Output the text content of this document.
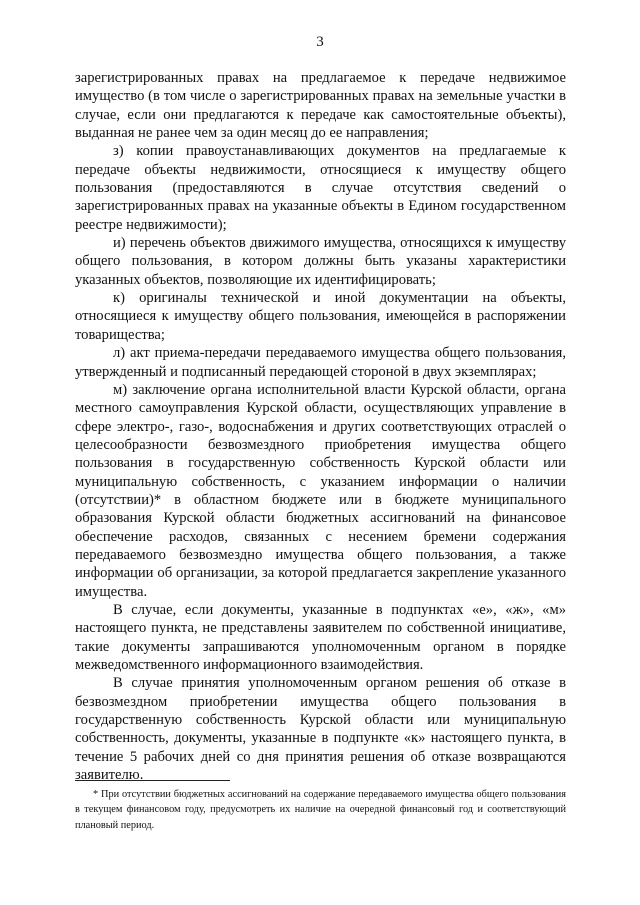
3

зарегистрированных правах на предлагаемое к передаче недвижимое имущество (в том числе о зарегистрированных правах на земельные участки в случае, если они предлагаются к передаче как самостоятельные объекты), выданная не ранее чем за один месяц до ее направления;

з) копии правоустанавливающих документов на предлагаемые к передаче объекты недвижимости, относящиеся к имуществу общего пользования (предоставляются в случае отсутствия сведений о зарегистрированных правах на указанные объекты в Едином государственном реестре недвижимости);

и) перечень объектов движимого имущества, относящихся к имуществу общего пользования, в котором должны быть указаны характеристики указанных объектов, позволяющие их идентифицировать;

к) оригиналы технической и иной документации на объекты, относящиеся к имуществу общего пользования, имеющейся в распоряжении товарищества;

л) акт приема-передачи передаваемого имущества общего пользования, утвержденный и подписанный передающей стороной в двух экземплярах;

м) заключение органа исполнительной власти Курской области, органа местного самоуправления Курской области, осуществляющих управление в сфере электро-, газо-, водоснабжения и других соответствующих отраслей о целесообразности безвозмездного приобретения имущества общего пользования в государственную собственность Курской области или муниципальную собственность, с указанием информации о наличии (отсутствии)* в областном бюджете или в бюджете муниципального образования Курской области бюджетных ассигнований на финансовое обеспечение расходов, связанных с несением бремени содержания передаваемого безвозмездно имущества общего пользования, а также информации об организации, за которой предлагается закрепление указанного имущества.

В случае, если документы, указанные в подпунктах «е», «ж», «м» настоящего пункта, не представлены заявителем по собственной инициативе, такие документы запрашиваются уполномоченным органом в порядке межведомственного информационного взаимодействия.

В случае принятия уполномоченным органом решения об отказе в безвозмездном приобретении имущества общего пользования в государственную собственность Курской области или муниципальную собственность, документы, указанные в подпункте «к» настоящего пункта, в течение 5 рабочих дней со дня принятия решения об отказе возвращаются заявителю.

* При отсутствии бюджетных ассигнований на содержание передаваемого имущества общего пользования в текущем финансовом году, предусмотреть их наличие на очередной финансовый год и соответствующий плановый период.
